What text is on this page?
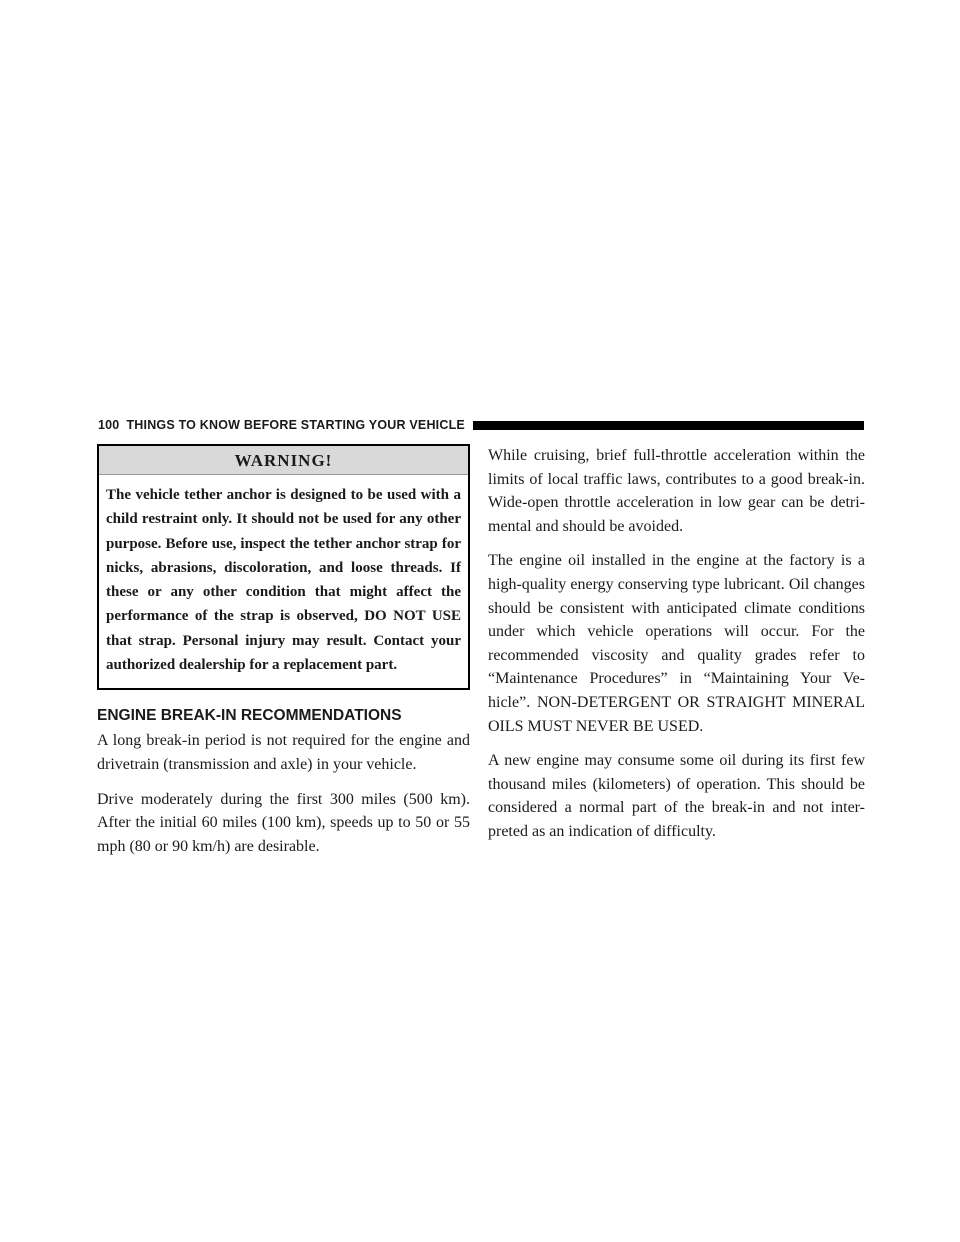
100 THINGS TO KNOW BEFORE STARTING YOUR VEHICLE
WARNING!
The vehicle tether anchor is designed to be used with a child restraint only. It should not be used for any other purpose. Before use, inspect the tether anchor strap for nicks, abrasions, discoloration, and loose threads. If these or any other condition that might affect the performance of the strap is observed, DO NOT USE that strap. Personal injury may result. Contact your authorized dealership for a replacement part.
ENGINE BREAK-IN RECOMMENDATIONS

A long break-in period is not required for the engine and drivetrain (transmission and axle) in your vehicle.

Drive moderately during the first 300 miles (500 km). After the initial 60 miles (100 km), speeds up to 50 or 55 mph (80 or 90 km/h) are desirable.

While cruising, brief full-throttle acceleration within the limits of local traffic laws, contributes to a good break-in. Wide-open throttle acceleration in low gear can be detri-mental and should be avoided.

The engine oil installed in the engine at the factory is a high-quality energy conserving type lubricant. Oil changes should be consistent with anticipated climate conditions under which vehicle operations will occur. For the recommended viscosity and quality grades refer to “Maintenance Procedures” in “Maintaining Your Ve-hicle”. NON-DETERGENT OR STRAIGHT MINERAL OILS MUST NEVER BE USED.

A new engine may consume some oil during its first few thousand miles (kilometers) of operation. This should be considered a normal part of the break-in and not inter-preted as an indication of difficulty.
